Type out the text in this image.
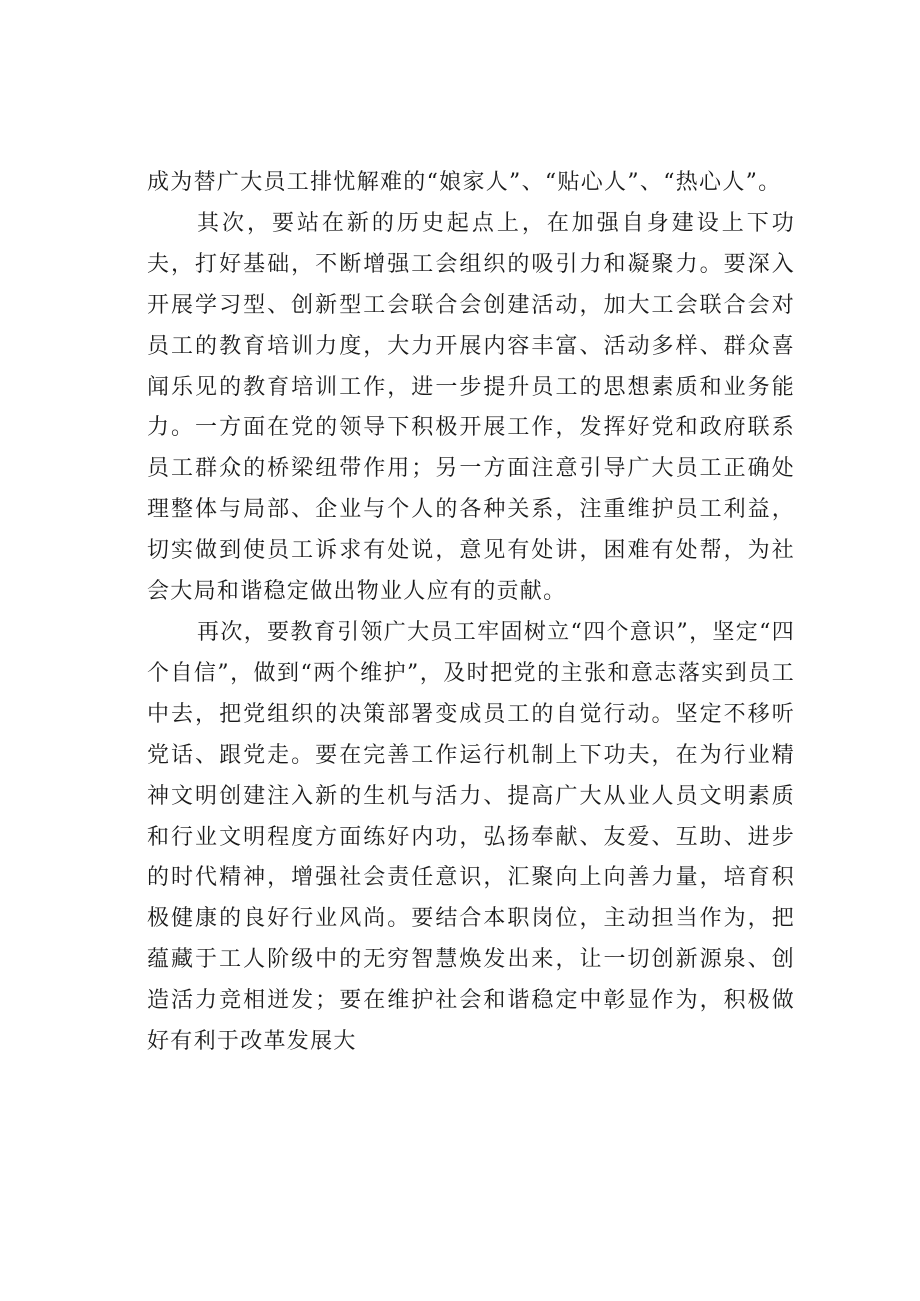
成为替广大员工排忧解难的“娘家人”、“贴心人”、“热心人”。

其次，要站在新的历史起点上，在加强自身建设上下功夫，打好基础，不断增强工会组织的吸引力和凝聚力。要深入开展学习型、创新型工会联合会创建活动，加大工会联合会对员工的教育培训力度，大力开展内容丰富、活动多样、群众喜闻乐见的教育培训工作，进一步提升员工的思想素质和业务能力。一方面在党的领导下积极开展工作，发挥好党和政府联系员工群众的桥梁纽带作用；另一方面注意引导广大员工正确处理整体与局部、企业与个人的各种关系，注重维护员工利益，切实做到使员工诉求有处说，意见有处讲，困难有处帮，为社会大局和谐稳定做出物业人应有的贡献。

再次，要教育引领广大员工牢固树立“四个意识”，坚定“四个自信”，做到“两个维护”，及时把党的主张和意志落实到员工中去，把党组织的决策部署变成员工的自觉行动。坚定不移听党话、跟党走。要在完善工作运行机制上下功夫，在为行业精神文明创建注入新的生机与活力、提高广大从业人员文明素质和行业文明程度方面练好内功，弘扬奉献、友爱、互助、进步的时代精神，增强社会责任意识，汇聚向上向善力量，培育积极健康的良好行业风尚。要结合本职岗位，主动担当作为，把蕴藏于工人阶级中的无穷智慧焕发出来，让一切创新源泉、创造活力竞相迸发；要在维护社会和谐稳定中彰显作为，积极做好有利于改革发展大
